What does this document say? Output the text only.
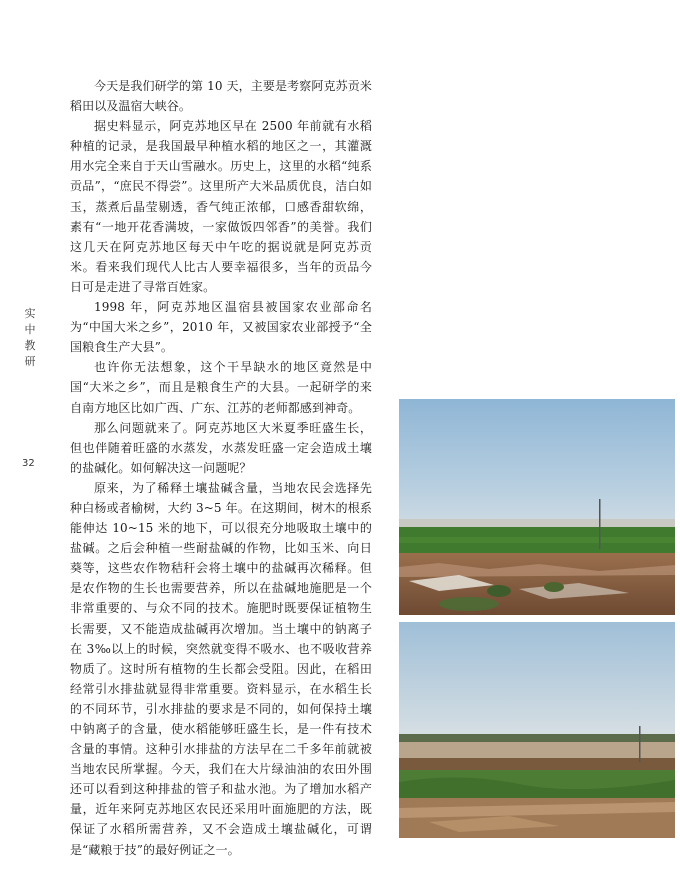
实
中
教
研
32

今天是我们研学的第 10 天，主要是考察阿克苏贡米稻田以及温宿大峡谷。

据史料显示，阿克苏地区早在 2500 年前就有水稻种植的记录，是我国最早种植水稻的地区之一，其灌溉用水完全来自于天山雪融水。历史上，这里的水稻“纯系贡品”，“庶民不得尝”。这里所产大米品质优良，洁白如玉，蒸煮后晶莹剔透，香气纯正浓郁，口感香甜软绵，素有“一地开花香满坡，一家做饭四邻香”的美誉。我们这几天在阿克苏地区每天中午吃的据说就是阿克苏贡米。看来我们现代人比古人要幸福很多，当年的贡品今日可是走进了寻常百姓家。

1998 年，阿克苏地区温宿县被国家农业部命名为“中国大米之乡”，2010 年，又被国家农业部授予“全国粮食生产大县”。

也许你无法想象，这个干旱缺水的地区竟然是中国“大米之乡”，而且是粮食生产的大县。一起研学的来自南方地区比如广西、广东、江苏的老师都感到神奇。

那么问题就来了。阿克苏地区大米夏季旺盛生长，但也伴随着旺盛的水蒸发，水蒸发旺盛一定会造成土壤的盐碱化。如何解决这一问题呢？

原来，为了稀释土壤盐碱含量，当地农民会选择先种白杨或者榆树，大约 3~5 年。在这期间，树木的根系能伸达 10~15 米的地下，可以很充分地吸取土壤中的盐碱。之后会种植一些耐盐碱的作物，比如玉米、向日葵等，这些农作物秸秆会将土壤中的盐碱再次稀释。但是农作物的生长也需要营养，所以在盐碱地施肥是一个非常重要的、与众不同的技术。施肥时既要保证植物生长需要，又不能造成盐碱再次增加。当土壤中的钠离子在 3‰以上的时候，突然就变得不吸水、也不吸收营养物质了。这时所有植物的生长都会受阻。因此，在稻田经常引水排盐就显得非常重要。资料显示，在水稻生长的不同环节，引水排盐的要求是不同的，如何保持土壤中钠离子的含量，使水稻能够旺盛生长，是一件有技术含量的事情。这种引水排盐的方法早在二千多年前就被当地农民所掌握。今天，我们在大片绿油油的农田外围还可以看到这种排盐的管子和盐水池。为了增加水稻产量，近年来阿克苏地区农民还采用叶面施肥的方法，既保证了水稻所需营养，又不会造成土壤盐碱化，可谓是“藏粮于技”的最好例证之一。
